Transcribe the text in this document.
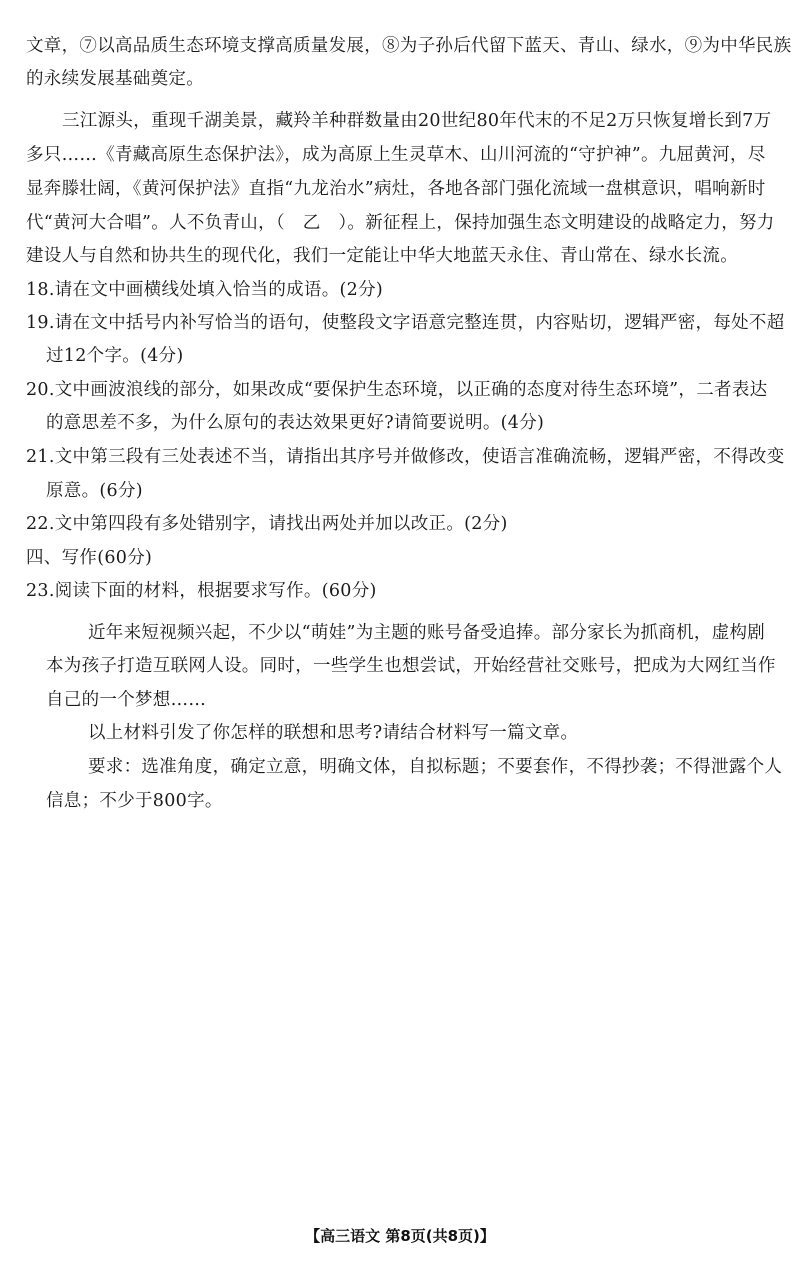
文章，⑦以高品质生态环境支撑高质量发展，⑧为子孙后代留下蓝天、青山、绿水，⑨为中华民族
的永续发展基础奠定。
三江源头，重现千湖美景，藏羚羊种群数量由20世纪80年代末的不足2万只恢复增长到7万
多只……《青藏高原生态保护法》，成为高原上生灵草木、山川河流的“守护神”。九屈黄河，尽
显奔滕壮阔，《黄河保护法》直指“九龙治水”病灶，各地各部门强化流域一盘棋意识，唱响新时
代“黄河大合唱”。人不负青山，（　乙　）。新征程上，保持加强生态文明建设的战略定力，努力
建设人与自然和协共生的现代化，我们一定能让中华大地蓝天永住、青山常在、绿水长流。
18.请在文中画横线处填入恰当的成语。(2分)
19.请在文中括号内补写恰当的语句，使整段文字语意完整连贯，内容贴切，逻辑严密，每处不超
过12个字。(4分)
20.文中画波浪线的部分，如果改成“要保护生态环境，以正确的态度对待生态环境”，二者表达
的意思差不多，为什么原句的表达效果更好?请简要说明。(4分)
21.文中第三段有三处表述不当，请指出其序号并做修改，使语言准确流畅，逻辑严密，不得改变
原意。(6分)
22.文中第四段有多处错别字，请找出两处并加以改正。(2分)
四、写作(60分)
23.阅读下面的材料，根据要求写作。(60分)
近年来短视频兴起，不少以“萌娃”为主题的账号备受追捧。部分家长为抓商机，虚构剧
本为孩子打造互联网人设。同时，一些学生也想尝试，开始经营社交账号，把成为大网红当作
自己的一个梦想……
以上材料引发了你怎样的联想和思考?请结合材料写一篇文章。
要求：选准角度，确定立意，明确文体，自拟标题；不要套作，不得抄袭；不得泄露个人
信息；不少于800字。
【高三语文 第8页(共8页)】
